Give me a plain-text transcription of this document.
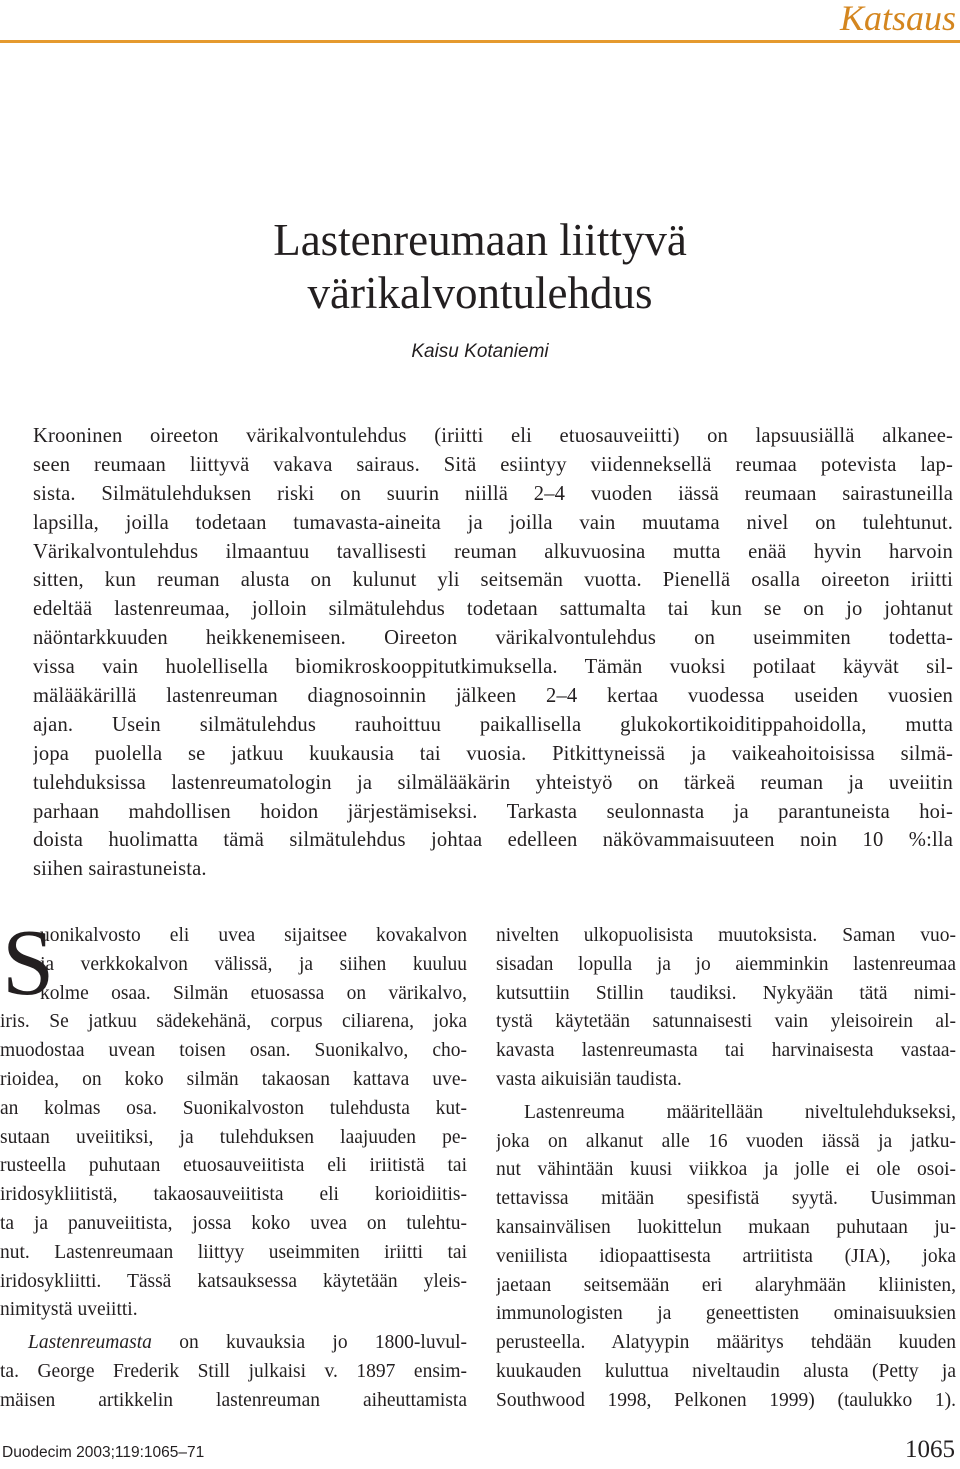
Katsaus
Lastenreumaan liittyvä
värikalvontulehdus
Kaisu Kotaniemi
Krooninen oireeton värikalvontulehdus (iriitti eli etuosauveiitti) on lapsuusiällä alkanee-
seen reumaan liittyvä vakava sairaus. Sitä esiintyy viidenneksellä reumaa potevista lap-
sista. Silmätulehduksen riski on suurin niillä 2–4 vuoden iässä reumaan sairastuneilla
lapsilla, joilla todetaan tumavasta-aineita ja joilla vain muutama nivel on tulehtunut.
Värikalvontulehdus ilmaantuu tavallisesti reuman alkuvuosina mutta enää hyvin harvoin
sitten, kun reuman alusta on kulunut yli seitsemän vuotta. Pienellä osalla oireeton iriitti
edeltää lastenreumaa, jolloin silmätulehdus todetaan sattumalta tai kun se on jo johtanut
näöntarkkuuden heikkenemiseen. Oireeton värikalvontulehdus on useimmiten todetta-
vissa vain huolellisella biomikroskooppitutkimuksella. Tämän vuoksi potilaat käyvät sil-
mälääkärillä lastenreuman diagnosoinnin jälkeen 2–4 kertaa vuodessa useiden vuosien
ajan. Usein silmätulehdus rauhoittuu paikallisella glukokortikoiditippahoidolla, mutta
jopa puolella se jatkuu kuukausia tai vuosia. Pitkittyneissä ja vaikeahoitoisissa silmä-
tulehduksissa lastenreumatologin ja silmälääkärin yhteistyö on tärkeä reuman ja uveiitin
parhaan mahdollisen hoidon järjestämiseksi. Tarkasta seulonnasta ja parantuneista hoi-
doista huolimatta tämä silmätulehdus johtaa edelleen näkövammaisuuteen noin 10 %:lla
siihen sairastuneista.
S
uonikalvosto eli uvea sijaitsee kovakalvon
ja verkkokalvon välissä, ja siihen kuuluu
kolme osaa. Silmän etuosassa on värikalvo,
iris. Se jatkuu sädekehänä, corpus ciliarena, joka
muodostaa uvean toisen osan. Suonikalvo, cho-
rioidea, on koko silmän takaosan kattava uve-
an kolmas osa. Suonikalvoston tulehdusta kut-
sutaan uveiitiksi, ja tulehduksen laajuuden pe-
rusteella puhutaan etuosauveiitista eli iriitistä tai
iridosykliitistä, takaosauveiitista eli korioidiitis-
ta ja panuveiitista, jossa koko uvea on tulehtu-
nut. Lastenreumaan liittyy useimmiten iriitti tai
iridosykliitti. Tässä katsauksessa käytetään yleis-
nimitystä uveiitti.
Lastenreumasta on kuvauksia jo 1800-luvul-
ta. George Frederik Still julkaisi v. 1897 ensim-
mäisen artikkelin lastenreuman aiheuttamista
nivelten ulkopuolisista muutoksista. Saman vuo-
sisadan lopulla ja jo aiemminkin lastenreumaa
kutsuttiin Stillin taudiksi. Nykyään tätä nimi-
tystä käytetään satunnaisesti vain yleisoirein al-
kavasta lastenreumasta tai harvinaisesta vastaa-
vasta aikuisiän taudista.
Lastenreuma määritellään niveltulehdukseksi,
joka on alkanut alle 16 vuoden iässä ja jatku-
nut vähintään kuusi viikkoa ja jolle ei ole osoi-
tettavissa mitään spesifistä syytä. Uusimman
kansainvälisen luokittelun mukaan puhutaan ju-
veniilista idiopaattisesta artriitista (JIA), joka
jaetaan seitsemään eri alaryhmään kliinisten,
immunologisten ja geneettisten ominaisuuksien
perusteella. Alatyypin määritys tehdään kuuden
kuukauden kuluttua niveltaudin alusta (Petty ja
Southwood 1998, Pelkonen 1999) (taulukko 1).
Duodecim 2003;119:1065–71	1065
